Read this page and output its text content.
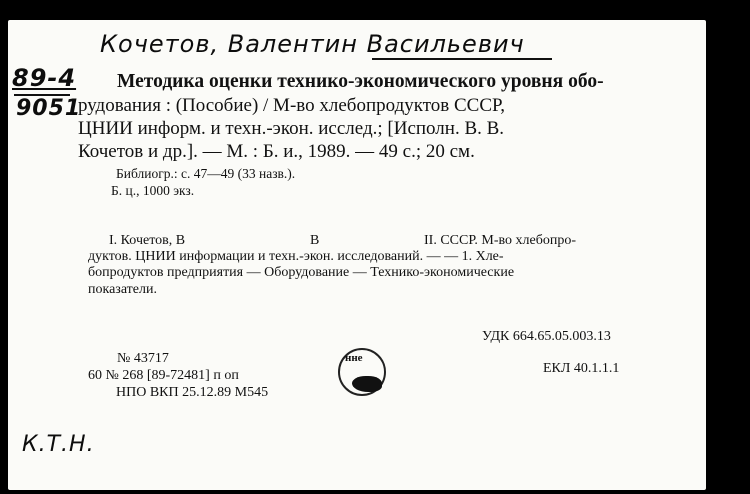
Кочетов, Валентин Васильевич
89-4
9051
Методика оценки технико-экономического уровня обо-
рудования : (Пособие) / М-во хлебопродуктов СССР,
ЦНИИ информ. и техн.-экон. исслед.; [Исполн. В. В.
Кочетов и др.]. — М. : Б. и., 1989. — 49 с.; 20 см.
Библиогр.: с. 47—49 (33 назв.).
Б. ц., 1000 экз.
I. Кочетов, В	В	II. СССР. М-во хлебопро-
дуктов. ЦНИИ информации и техн.-экон. исследований. — — 1. Хле-
бопродуктов предприятия — Оборудование — Технико-экономические
показатели.
УДК 664.65.05.003.13
ЕКЛ 40.1.1.1
№ 43717
60 № 268 [89-72481] п оп
НПО ВКП 25.12.89 М545
нне
К.Т.Н.
